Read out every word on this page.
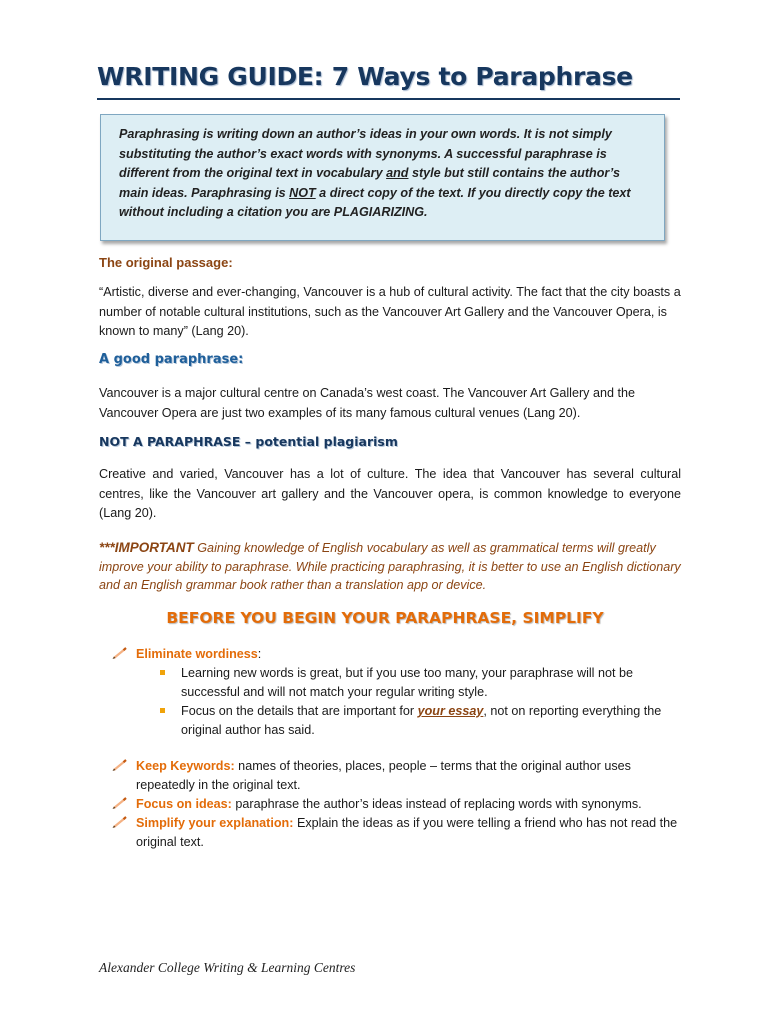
WRITING GUIDE: 7 Ways to Paraphrase
Paraphrasing is writing down an author’s ideas in your own words. It is not simply substituting the author’s exact words with synonyms. A successful paraphrase is different from the original text in vocabulary and style but still contains the author’s main ideas. Paraphrasing is NOT a direct copy of the text. If you directly copy the text without including a citation you are PLAGIARIZING.
The original passage:
“Artistic, diverse and ever-changing, Vancouver is a hub of cultural activity. The fact that the city boasts a number of notable cultural institutions, such as the Vancouver Art Gallery and the Vancouver Opera, is known to many” (Lang 20).
A good paraphrase:
Vancouver is a major cultural centre on Canada’s west coast. The Vancouver Art Gallery and the Vancouver Opera are just two examples of its many famous cultural venues (Lang 20).
NOT A PARAPHRASE – potential plagiarism
Creative and varied, Vancouver has a lot of culture. The idea that Vancouver has several cultural centres, like the Vancouver art gallery and the Vancouver opera, is common knowledge to everyone (Lang 20).
***IMPORTANT Gaining knowledge of English vocabulary as well as grammatical terms will greatly improve your ability to paraphrase. While practicing paraphrasing, it is better to use an English dictionary and an English grammar book rather than a translation app or device.
BEFORE YOU BEGIN YOUR PARAPHRASE, SIMPLIFY
Eliminate wordiness:
Learning new words is great, but if you use too many, your paraphrase will not be successful and will not match your regular writing style.
Focus on the details that are important for your essay, not on reporting everything the original author has said.
Keep Keywords: names of theories, places, people – terms that the original author uses repeatedly in the original text.
Focus on ideas: paraphrase the author’s ideas instead of replacing words with synonyms.
Simplify your explanation: Explain the ideas as if you were telling a friend who has not read the original text.
Alexander College Writing & Learning Centres
